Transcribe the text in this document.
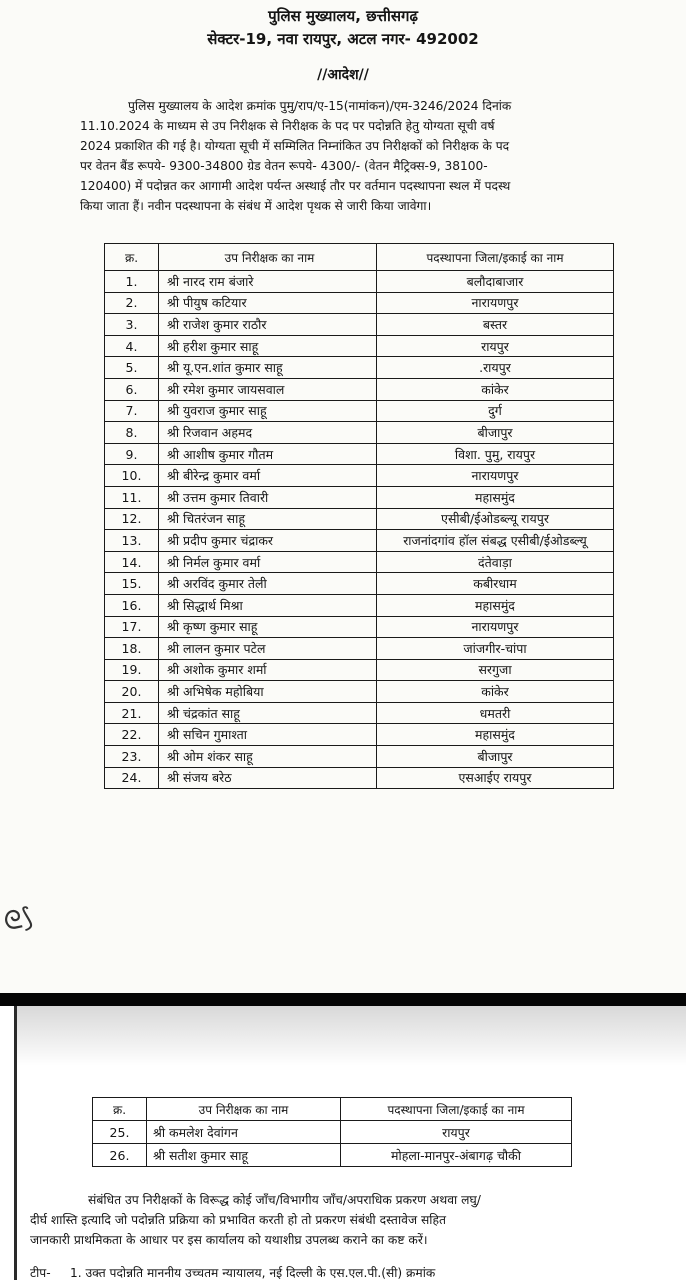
पुलिस मुख्यालय, छत्तीसगढ़
सेक्टर-19, नवा रायपुर, अटल नगर- 492002
//आदेश//
पुलिस मुख्यालय के आदेश क्रमांक पुमु/राप/ए-15(नामांकन)/एम-3246/2024 दिनांक
11.10.2024 के माध्यम से उप निरीक्षक से निरीक्षक के पद पर पदोन्नति हेतु योग्यता सूची वर्ष
2024 प्रकाशित की गई है। योग्यता सूची में सम्मिलित निम्नांकित उप निरीक्षकों को निरीक्षक के पद
पर वेतन बैंड रूपये- 9300-34800 ग्रेड वेतन रूपये- 4300/- (वेतन मैट्रिक्स-9, 38100-
120400) में पदोन्नत कर आगामी आदेश पर्यन्त अस्थाई तौर पर वर्तमान पदस्थापना स्थल में पदस्थ
किया जाता हैं। नवीन पदस्थापना के संबंध में आदेश पृथक से जारी किया जावेगा।
क्र.	उप निरीक्षक का नाम	पदस्थापना जिला/इकाई का नाम
1.	श्री नारद राम बंजारे	बलौदाबाजार
2.	श्री पीयुष कटियार	नारायणपुर
3.	श्री राजेश कुमार राठौर	बस्तर
4.	श्री हरीश कुमार साहू	रायपुर
5.	श्री यू.एन.शांत कुमार साहू	.रायपुर
6.	श्री रमेश कुमार जायसवाल	कांकेर
7.	श्री युवराज कुमार साहू	दुर्ग
8.	श्री रिजवान अहमद	बीजापुर
9.	श्री आशीष कुमार गौतम	विशा. पुमु, रायपुर
10.	श्री बीरेन्द्र कुमार वर्मा	नारायणपुर
11.	श्री उत्तम कुमार तिवारी	महासमुंद
12.	श्री चितरंजन साहू	एसीबी/ईओडब्ल्यू रायपुर
13.	श्री प्रदीप कुमार चंद्राकर	राजनांदगांव हॉल संबद्ध एसीबी/ईओडब्ल्यू
14.	श्री निर्मल कुमार वर्मा	दंतेवाड़ा
15.	श्री अरविंद कुमार तेली	कबीरधाम
16.	श्री सिद्धार्थ मिश्रा	महासमुंद
17.	श्री कृष्ण कुमार साहू	नारायणपुर
18.	श्री लालन कुमार पटेल	जांजगीर-चांपा
19.	श्री अशोक कुमार शर्मा	सरगुजा
20.	श्री अभिषेक महोबिया	कांकेर
21.	श्री चंद्रकांत साहू	धमतरी
22.	श्री सचिन गुमाश्ता	महासमुंद
23.	श्री ओम शंकर साहू	बीजापुर
24.	श्री संजय बरेठ	एसआईए रायपुर
ᘓ⟆
क्र.	उप निरीक्षक का नाम	पदस्थापना जिला/इकाई का नाम
25.	श्री कमलेश देवांगन	रायपुर
26.	श्री सतीश कुमार साहू	मोहला-मानपुर-अंबागढ़ चौकी
संबंधित उप निरीक्षकों के विरूद्ध कोई जाँच/विभागीय जाँच/अपराधिक प्रकरण अथवा लघु/
दीर्घ शास्ति इत्यादि जो पदोन्नति प्रक्रिया को प्रभावित करती हो तो प्रकरण संबंधी दस्तावेज सहित
जानकारी प्राथमिकता के आधार पर इस कार्यालय को यथाशीघ्र उपलब्ध कराने का कष्ट करें।
टीप-     1. उक्त पदोन्नति माननीय उच्चतम न्यायालय, नई दिल्ली के एस.एल.पी.(सी) क्रमांक
